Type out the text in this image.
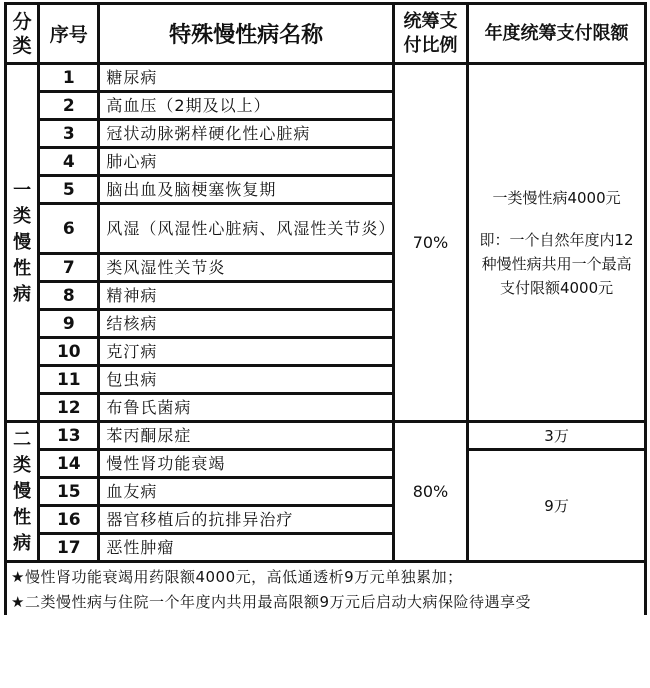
分类	序号	特殊慢性病名称	统筹支付比例	年度统筹支付限额
一类慢性病	1	糖尿病	70%	一类慢性病4000元
即：一个自然年度内12种慢性病共用一个最高支付限额4000元

	2	高血压（2期及以上）		
	3	冠状动脉粥样硬化性心脏病		
	4	肺心病		
	5	脑出血及脑梗塞恢复期		
	6	风湿（风湿性心脏病、风湿性关节炎）		
	7	类风湿性关节炎		
	8	精神病		
	9	结核病		
	10	克汀病		
	11	包虫病		
	12	布鲁氏菌病		
二类慢性病	13	苯丙酮尿症	80%	3万
	14	慢性肾功能衰竭		9万
	15	血友病		
	16	器官移植后的抗排异治疗		
	17	恶性肿瘤		

★慢性肾功能衰竭用药限额4000元，高低通透析9万元单独累加；
★二类慢性病与住院一个年度内共用最高限额9万元后启动大病保险待遇享受				
